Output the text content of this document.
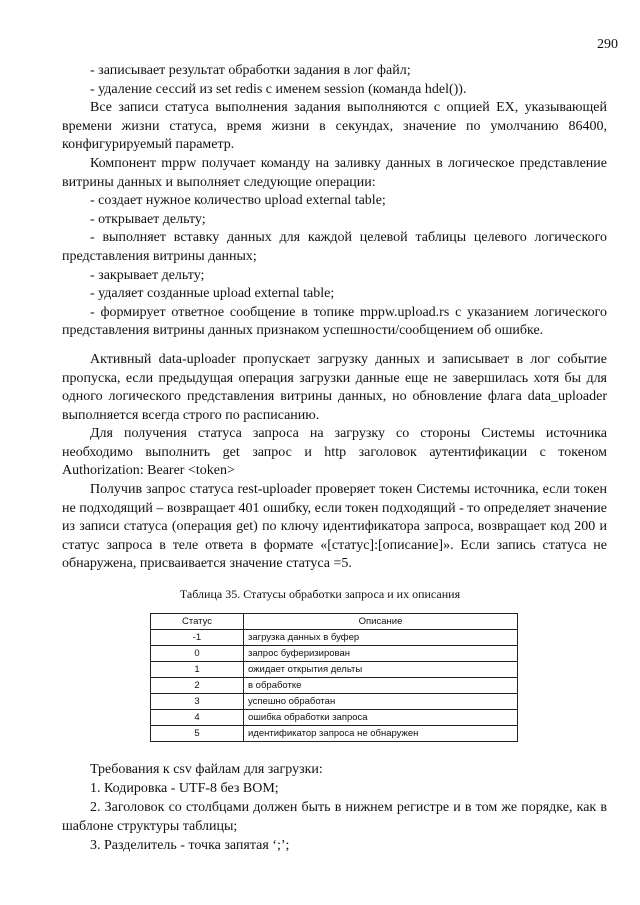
290

- записывает результат обработки задания в лог файл;

- удаление сессий из set redis с именем session (команда hdel()).

Все записи статуса выполнения задания выполняются с опцией EX, указывающей времени жизни статуса, время жизни в секундах, значение по умолчанию 86400, конфигурируемый параметр.

Компонент mppw получает команду на заливку данных в логическое представление витрины данных и выполняет следующие операции:

- создает нужное количество upload external table;

- открывает дельту;

- выполняет вставку данных для каждой целевой таблицы целевого логического представления витрины данных;

- закрывает дельту;

- удаляет созданные upload external table;

- формирует ответное сообщение в топике mppw.upload.rs с указанием логического представления витрины данных признаком успешности/сообщением об ошибке.

Активный data-uploader пропускает загрузку данных и записывает в лог событие пропуска, если предыдущая операция загрузки данные еще не завершилась хотя бы для одного логического представления витрины данных, но обновление флага data_uploader выполняется всегда строго по расписанию.

Для получения статуса запроса на загрузку со стороны Системы источника необходимо выполнить get запрос и http заголовок аутентификации с токеном Authorization: Bearer <token>

Получив запрос статуса rest-uploader проверяет токен Системы источника, если токен не подходящий – возвращает 401 ошибку, если токен подходящий - то определяет значение из записи статуса (операция get) по ключу идентификатора запроса, возвращает код 200 и статус запроса в теле ответа в формате «[статус]:[описание]». Если запись статуса не обнаружена, присваивается значение статуса =5.

Таблица 35. Статусы обработки запроса и их описания
Статус	Описание
-1	загрузка данных в буфер
0	запрос буферизирован
1	ожидает открытия дельты
2	в обработке
3	успешно обработан
4	ошибка обработки запроса
5	идентификатор запроса не обнаружен

Требования к csv файлам для загрузки:

1. Кодировка - UTF-8 без BOM;

2. Заголовок со столбцами должен быть в нижнем регистре и в том же порядке, как в шаблоне структуры таблицы;

3. Разделитель - точка запятая ‘;’;
